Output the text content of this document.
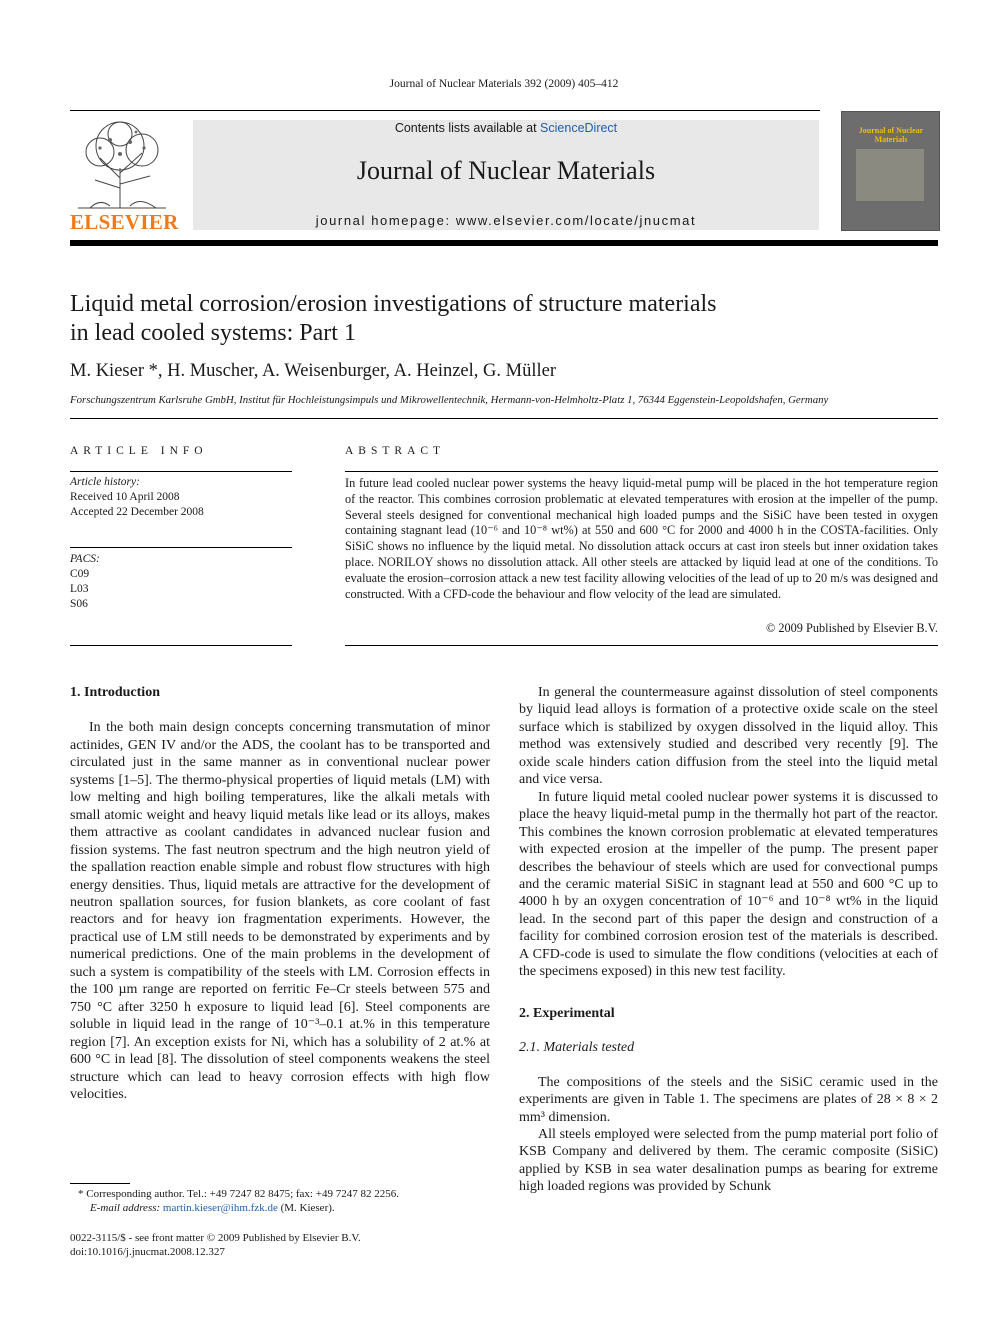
Journal of Nuclear Materials 392 (2009) 405–412
ELSEVIER
Contents lists available at ScienceDirect
Journal of Nuclear Materials
journal homepage: www.elsevier.com/locate/jnucmat
Journal of Nuclear Materials
Liquid metal corrosion/erosion investigations of structure materials
in lead cooled systems: Part 1
M. Kieser *, H. Muscher, A. Weisenburger, A. Heinzel, G. Müller
Forschungszentrum Karlsruhe GmbH, Institut für Hochleistungsimpuls und Mikrowellentechnik, Hermann-von-Helmholtz-Platz 1, 76344 Eggenstein-Leopoldshafen, Germany
ARTICLE INFO
Article history:
Received 10 April 2008
Accepted 22 December 2008
PACS:
C09
L03
S06
ABSTRACT
In future lead cooled nuclear power systems the heavy liquid-metal pump will be placed in the hot temperature region of the reactor. This combines corrosion problematic at elevated temperatures with erosion at the impeller of the pump. Several steels designed for conventional mechanical high loaded pumps and the SiSiC have been tested in oxygen containing stagnant lead (10⁻⁶ and 10⁻⁸ wt%) at 550 and 600 °C for 2000 and 4000 h in the COSTA-facilities. Only SiSiC shows no influence by the liquid metal. No dissolution attack occurs at cast iron steels but inner oxidation takes place. NORILOY shows no dissolution attack. All other steels are attacked by liquid lead at one of the conditions. To evaluate the erosion–corrosion attack a new test facility allowing velocities of the lead of up to 20 m/s was designed and constructed. With a CFD-code the behaviour and flow velocity of the lead are simulated.
© 2009 Published by Elsevier B.V.
1. Introduction

In the both main design concepts concerning transmutation of minor actinides, GEN IV and/or the ADS, the coolant has to be transported and circulated just in the same manner as in conventional nuclear power systems [1–5]. The thermo-physical properties of liquid metals (LM) with low melting and high boiling temperatures, like the alkali metals with small atomic weight and heavy liquid metals like lead or its alloys, makes them attractive as coolant candidates in advanced nuclear fusion and fission systems. The fast neutron spectrum and the high neutron yield of the spallation reaction enable simple and robust flow structures with high energy densities. Thus, liquid metals are attractive for the development of neutron spallation sources, for fusion blankets, as core coolant of fast reactors and for heavy ion fragmentation experiments. However, the practical use of LM still needs to be demonstrated by experiments and by numerical predictions. One of the main problems in the development of such a system is compatibility of the steels with LM. Corrosion effects in the 100 µm range are reported on ferritic Fe–Cr steels between 575 and 750 °C after 3250 h exposure to liquid lead [6]. Steel components are soluble in liquid lead in the range of 10⁻³–0.1 at.% in this temperature region [7]. An exception exists for Ni, which has a solubility of 2 at.% at 600 °C in lead [8]. The dissolution of steel components weakens the steel structure which can lead to heavy corrosion effects with high flow velocities.

In general the countermeasure against dissolution of steel components by liquid lead alloys is formation of a protective oxide scale on the steel surface which is stabilized by oxygen dissolved in the liquid alloy. This method was extensively studied and described very recently [9]. The oxide scale hinders cation diffusion from the steel into the liquid metal and vice versa.

In future liquid metal cooled nuclear power systems it is discussed to place the heavy liquid-metal pump in the thermally hot part of the reactor. This combines the known corrosion problematic at elevated temperatures with expected erosion at the impeller of the pump. The present paper describes the behaviour of steels which are used for convectional pumps and the ceramic material SiSiC in stagnant lead at 550 and 600 °C up to 4000 h by an oxygen concentration of 10⁻⁶ and 10⁻⁸ wt% in the liquid lead. In the second part of this paper the design and construction of a facility for combined corrosion erosion test of the materials is described. A CFD-code is used to simulate the flow conditions (velocities at each of the specimens exposed) in this new test facility.

2. Experimental
2.1. Materials tested

The compositions of the steels and the SiSiC ceramic used in the experiments are given in Table 1. The specimens are plates of 28 × 8 × 2 mm³ dimension.

All steels employed were selected from the pump material port folio of KSB Company and delivered by them. The ceramic composite (SiSiC) applied by KSB in sea water desalination pumps as bearing for extreme high loaded regions was provided by Schunk

* Corresponding author. Tel.: +49 7247 82 8475; fax: +49 7247 82 2256.
E-mail address: martin.kieser@ihm.fzk.de (M. Kieser).
0022-3115/$ - see front matter © 2009 Published by Elsevier B.V.
doi:10.1016/j.jnucmat.2008.12.327
